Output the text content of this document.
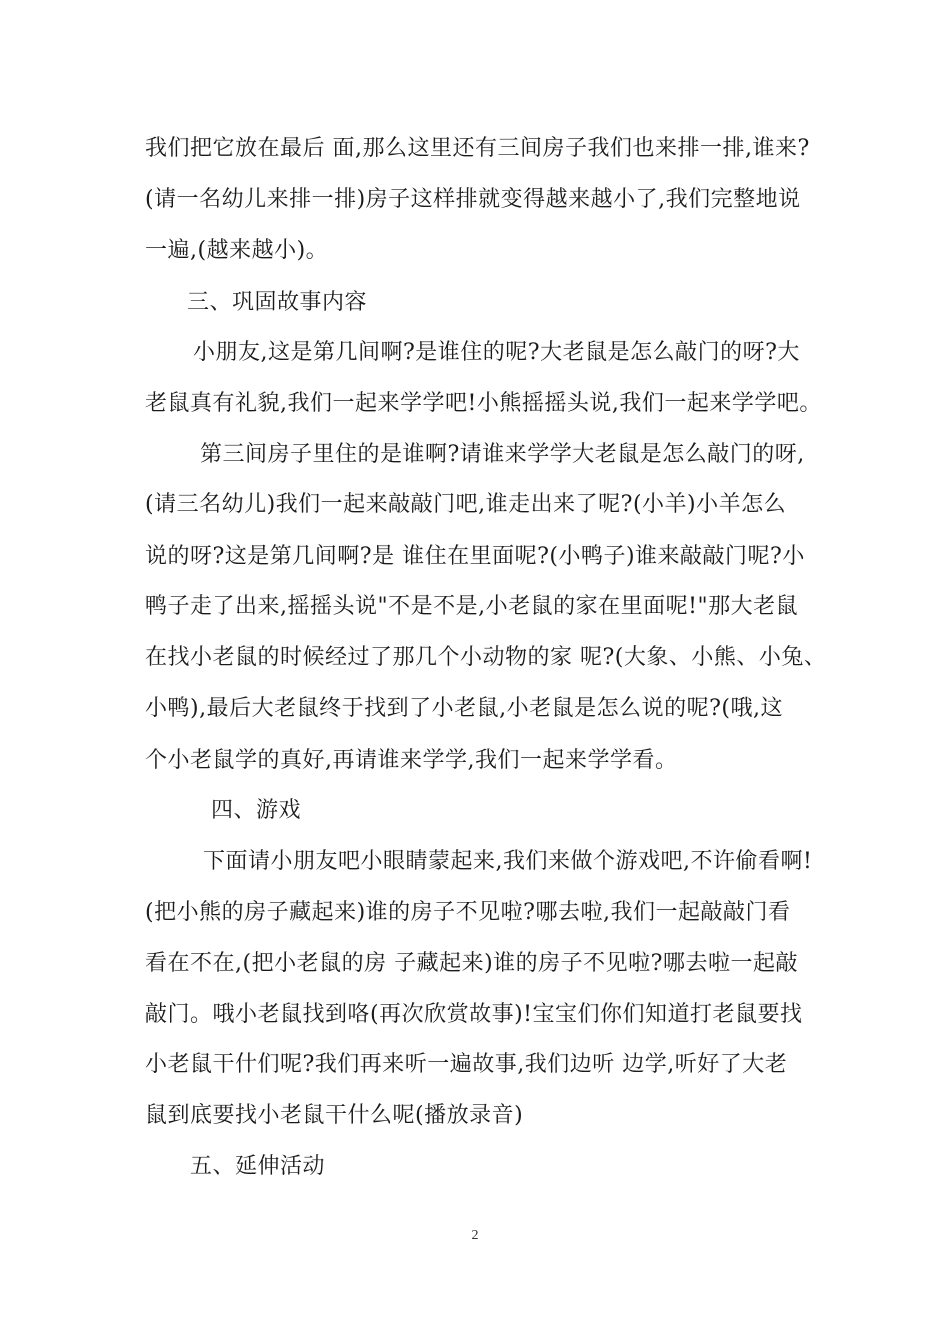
我们把它放在最后 面,那么这里还有三间房子我们也来排一排,谁来?
(请一名幼儿来排一排)房子这样排就变得越来越小了,我们完整地说
一遍,(越来越小)。
三、巩固故事内容
小朋友,这是第几间啊?是谁住的呢?大老鼠是怎么敲门的呀?大
老鼠真有礼貌,我们一起来学学吧!小熊摇摇头说,我们一起来学学吧。
第三间房子里住的是谁啊?请谁来学学大老鼠是怎么敲门的呀,
(请三名幼儿)我们一起来敲敲门吧,谁走出来了呢?(小羊)小羊怎么
说的呀?这是第几间啊?是 谁住在里面呢?(小鸭子)谁来敲敲门呢?小
鸭子走了出来,摇摇头说"不是不是,小老鼠的家在里面呢!"那大老鼠
在找小老鼠的时候经过了那几个小动物的家 呢?(大象、小熊、小兔、
小鸭),最后大老鼠终于找到了小老鼠,小老鼠是怎么说的呢?(哦,这
个小老鼠学的真好,再请谁来学学,我们一起来学学看。
四、游戏
下面请小朋友吧小眼睛蒙起来,我们来做个游戏吧,不许偷看啊!
(把小熊的房子藏起来)谁的房子不见啦?哪去啦,我们一起敲敲门看
看在不在,(把小老鼠的房 子藏起来)谁的房子不见啦?哪去啦一起敲
敲门。哦小老鼠找到咯(再次欣赏故事)!宝宝们你们知道打老鼠要找
小老鼠干什们呢?我们再来听一遍故事,我们边听 边学,听好了大老
鼠到底要找小老鼠干什么呢(播放录音)
五、延伸活动
2
